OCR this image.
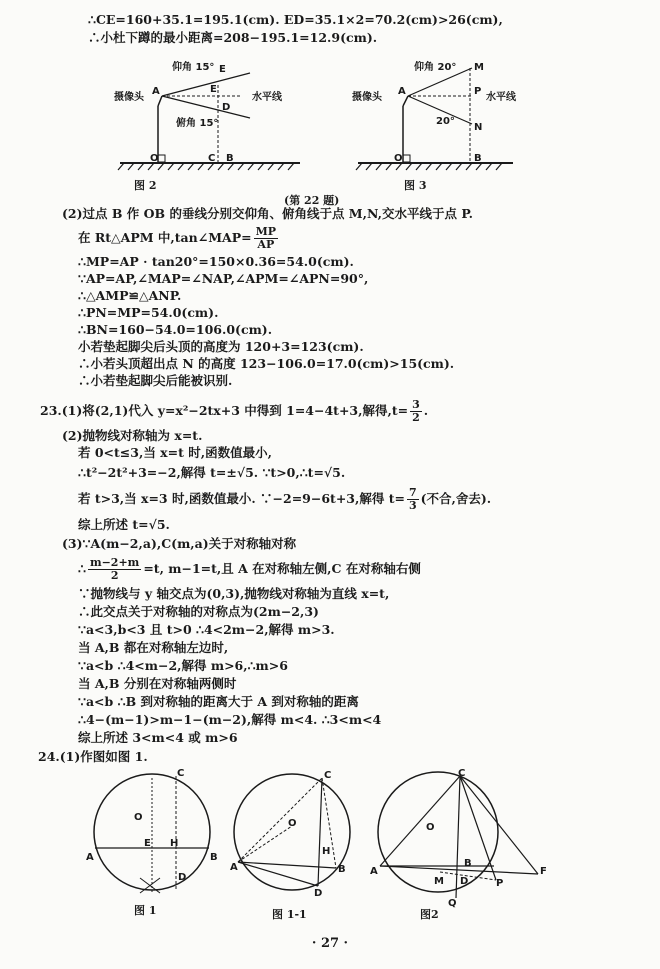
∴CE=160+35.1=195.1(cm). ED=35.1×2=70.2(cm)>26(cm),
∴小杜下蹲的最小距离=208−195.1=12.9(cm).
摄像头
A
仰角 15°
俯角 15°
水平线
E
E
D
O	C B
摄像头
A
仰角 20°
20°
水平线
M
P
N
O	B
图 2	图 3
(第 22 题)
(2)过点 B 作 OB 的垂线分别交仰角、俯角线于点 M,N,交水平线于点 P.
在 Rt△APM 中,tan∠MAP= $\frac{MP}{AP}$
∴MP=AP · tan20°=150×0.36=54.0(cm).
∵AP=AP,∠MAP=∠NAP,∠APM=∠APN=90°,
∴△AMP≌△ANP.
∴PN=MP=54.0(cm).
∴BN=160−54.0=106.0(cm).
小若垫起脚尖后头顶的高度为 120+3=123(cm).
∴小若头顶超出点 N 的高度 123−106.0=17.0(cm)>15(cm).
∴小若垫起脚尖后能被识别.
23.(1)将(2,1)代入 y=x²−2tx+3 中得到 1=4−4t+3,解得$,t= \frac{3}{2}$ .
(2)抛物线对称轴为 x=t.
若 0<t≤3,当 x=t 时,函数值最小,
∴t²−2t²+3=−2,解得 t=±√5. ∵t>0,∴t=√5.
若 t>3,当 x=3 时,函数值最小. ∵−2=9−6t+3,解得 $t= \frac{7}{3}$ (不合,舍去).
综上所述 t=√5.
(3)∵A(m−2,a),C(m,a)关于对称轴对称
∴ $\frac{m-2+m}{2} =t$, m−1=t,且 A 在对称轴左侧,C 在对称轴右侧
∵抛物线与 y 轴交点为(0,3),抛物线对称轴为直线 x=t,
∴此交点关于对称轴的对称点为(2m−2,3)
∵a<3,b<3 且 t>0 ∴4<2m−2,解得 m>3.
当 A,B 都在对称轴左边时,
∵a<b ∴4<m−2,解得 m>6,∴m>6
当 A,B 分别在对称轴两侧时
∵a<b ∴B 到对称轴的距离大于 A 到对称轴的距离
∴4−(m−1)>m−1−(m−2),解得 m<4. ∴3<m<4
综上所述 3<m<4 或 m>6
24.(1)作图如图 1.
C
O
E H
A	B
D
C
O
H
A	B
D
C
O
A
B
M D	P
Q
F
图 1	图 1-1	图2
· 27 ·
